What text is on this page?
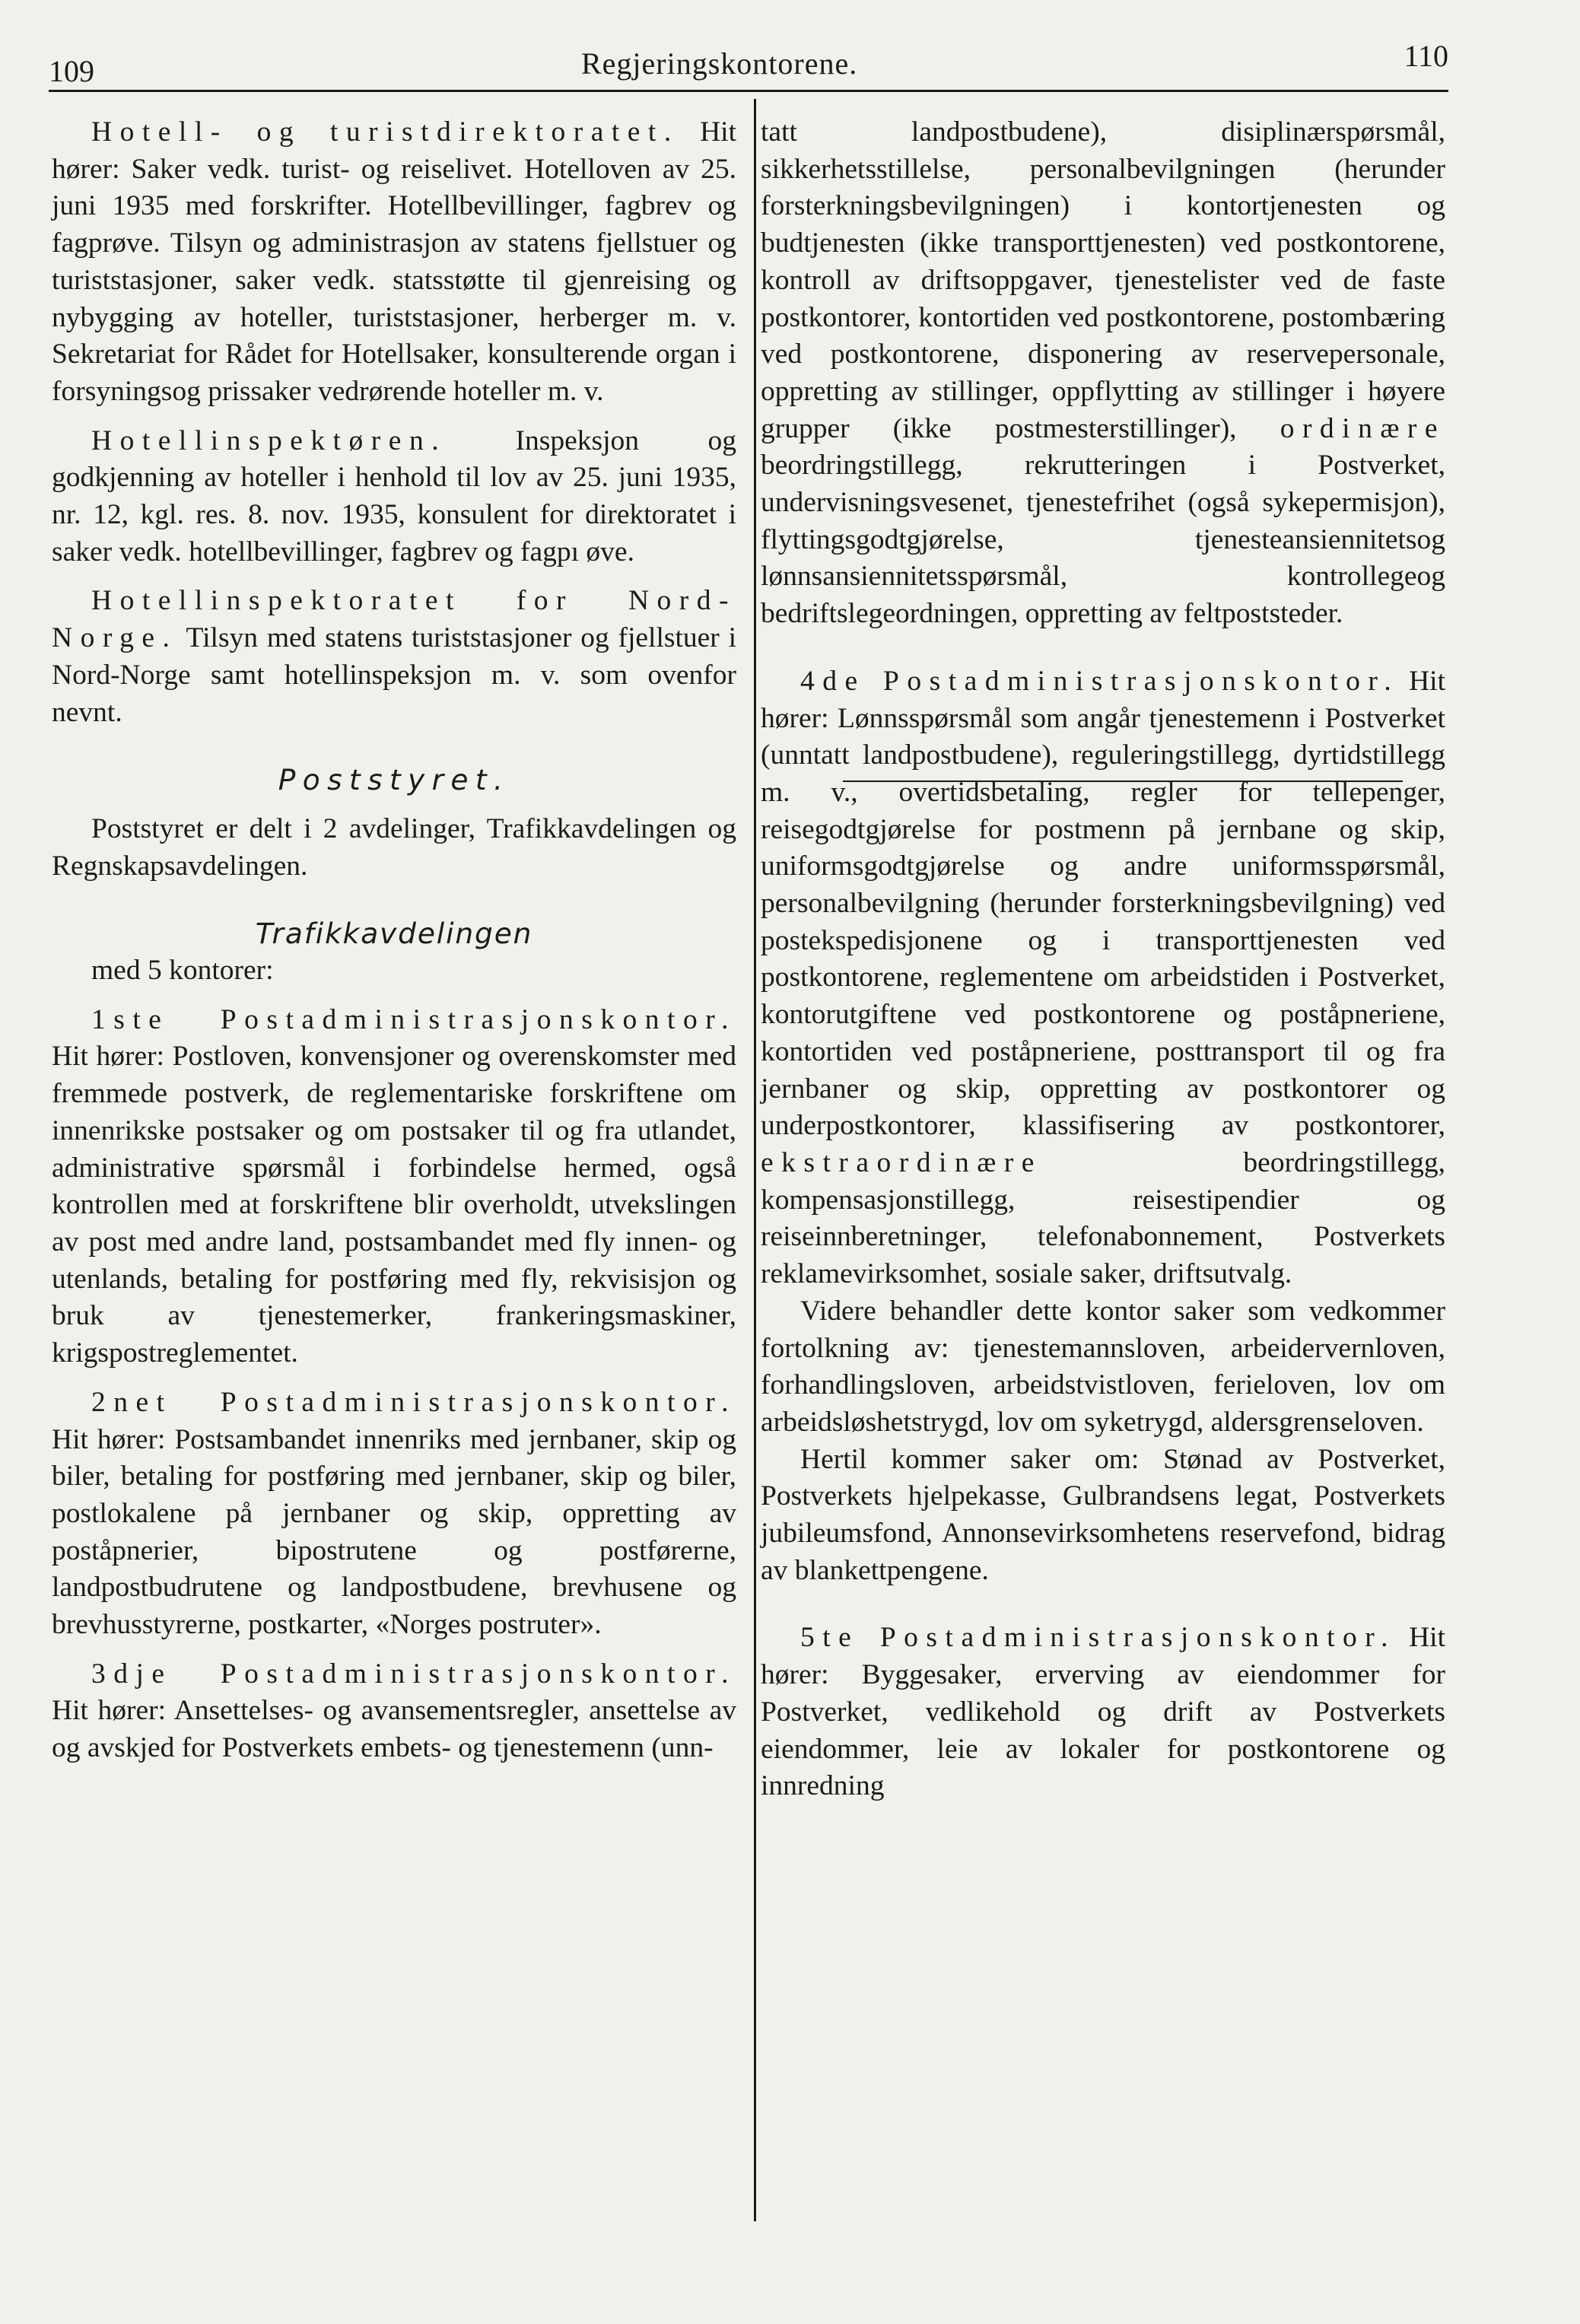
109	Regjeringskontorene.	110

Hotell- og turistdirektoratet. Hit hører: Saker vedk. turist- og reiselivet. Hotelloven av 25. juni 1935 med forskrifter. Hotellbevillinger, fagbrev og fagprøve. Tilsyn og administrasjon av statens fjellstuer og turiststasjoner, saker vedk. statsstøtte til gjenreising og nybygging av hoteller, turiststasjoner, herberger m. v. Sekretariat for Rådet for Hotellsaker, konsulterende organ i forsyningsog prissaker vedrørende hoteller m. v.

Hotellinspektøren. Inspeksjon og godkjenning av hoteller i henhold til lov av 25. juni 1935, nr. 12, kgl. res. 8. nov. 1935, konsulent for direktoratet i saker vedk. hotellbevillinger, fagbrev og fagpı øve.

Hotellinspektoratet for Nord-Norge. Tilsyn med statens turiststasjoner og fjellstuer i Nord-Norge samt hotellinspeksjon m. v. som ovenfor nevnt.

Poststyret.

Poststyret er delt i 2 avdelinger, Trafikkavdelingen og Regnskapsavdelingen.

Trafikkavdelingen

med 5 kontorer:

1ste Postadministrasjonskontor. Hit hører: Postloven, konvensjoner og overenskomster med fremmede postverk, de reglementariske forskriftene om innenrikske postsaker og om postsaker til og fra utlandet, administrative spørsmål i forbindelse hermed, også kontrollen med at forskriftene blir overholdt, utvekslingen av post med andre land, postsambandet med fly innen- og utenlands, betaling for postføring med fly, rekvisisjon og bruk av tjenestemerker, frankeringsmaskiner, krigspostreglementet.

2net Postadministrasjonskontor. Hit hører: Postsambandet innenriks med jernbaner, skip og biler, betaling for postføring med jernbaner, skip og biler, postlokalene på jernbaner og skip, oppretting av poståpnerier, bipostrutene og postførerne, landpostbudrutene og landpostbudene, brevhusene og brevhusstyrerne, postkarter, «Norges postruter».

3dje Postadministrasjonskontor. Hit hører: Ansettelses- og avansementsregler, ansettelse av og avskjed for Postverkets embets- og tjenestemenn (unn-

tatt landpostbudene), disiplinærspørsmål, sikkerhetsstillelse, personalbevilgningen (herunder forsterkningsbevilgningen) i kontortjenesten og budtjenesten (ikke transporttjenesten) ved postkontorene, kontroll av driftsoppgaver, tjenestelister ved de faste postkontorer, kontortiden ved postkontorene, postombæring ved postkontorene, disponering av reservepersonale, oppretting av stillinger, oppflytting av stillinger i høyere grupper (ikke postmesterstillinger), ordinære beordringstillegg, rekrutteringen i Postverket, undervisningsvesenet, tjenestefrihet (også sykepermisjon), flyttingsgodtgjørelse, tjenesteansiennitetsog lønnsansiennitetsspørsmål, kontrollegeog bedriftslegeordningen, oppretting av feltpoststeder.

4de Postadministrasjonskontor. Hit hører: Lønnsspørsmål som angår tjenestemenn i Postverket (unntatt landpostbudene), reguleringstillegg, dyrtidstillegg m. v., overtidsbetaling, regler for tellepenger, reisegodtgjørelse for postmenn på jernbane og skip, uniformsgodtgjørelse og andre uniformsspørsmål, personalbevilgning (herunder forsterkningsbevilgning) ved postekspedisjonene og i transporttjenesten ved postkontorene, reglementene om arbeidstiden i Postverket, kontorutgiftene ved postkontorene og poståpneriene, kontortiden ved poståpneriene, posttransport til og fra jernbaner og skip, oppretting av postkontorer og underpostkontorer, klassifisering av postkontorer, ekstraordinære beordringstillegg, kompensasjonstillegg, reisestipendier og reiseinnberetninger, telefonabonnement, Postverkets reklamevirksomhet, sosiale saker, driftsutvalg.

Videre behandler dette kontor saker som vedkommer fortolkning av: tjenestemannsloven, arbeidervernloven, forhandlingsloven, arbeidstvistloven, ferieloven, lov om arbeidsløshetstrygd, lov om syketrygd, aldersgrenseloven.

Hertil kommer saker om: Stønad av Postverket, Postverkets hjelpekasse, Gulbrandsens legat, Postverkets jubileumsfond, Annonsevirksomhetens reservefond, bidrag av blankettpengene.

5te Postadministrasjonskontor. Hit hører: Byggesaker, erverving av eiendommer for Postverket, vedlikehold og drift av Postverkets eiendommer, leie av lokaler for postkontorene og innredning
